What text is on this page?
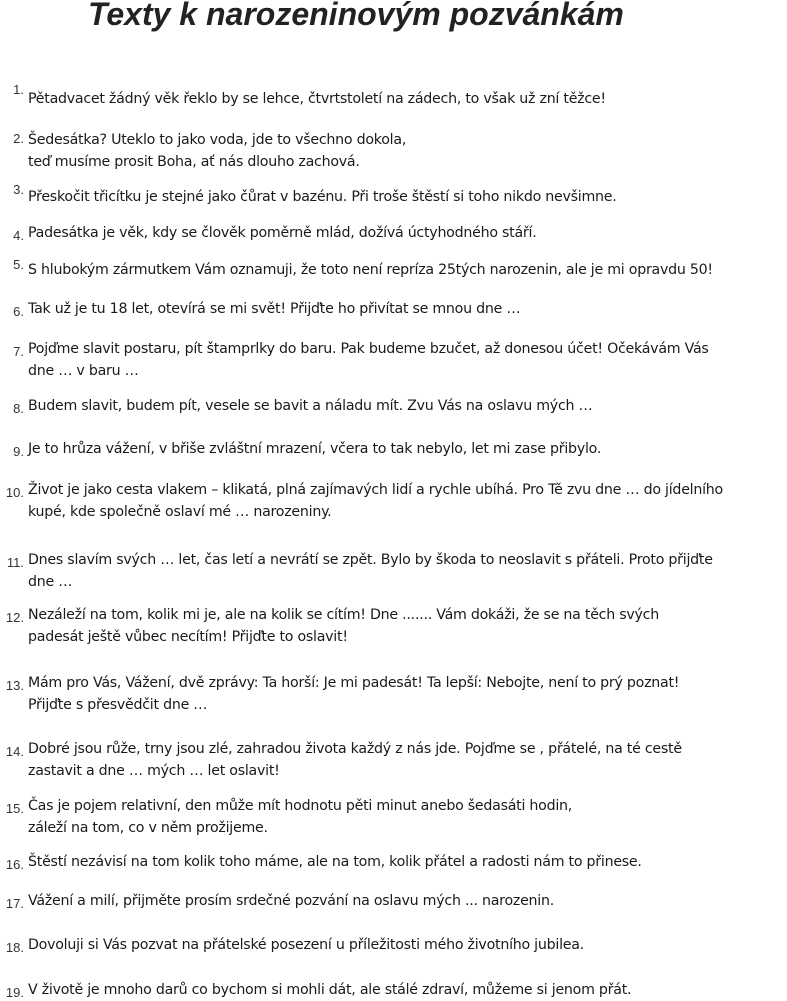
Texty k narozeninovým pozvánkám
1.
Pětadvacet žádný věk řeklo by se lehce, čtvrtstoletí na zádech, to však už zní těžce!
2. Šedesátka? Uteklo to jako voda, jde to všechno dokola,
teď musíme prosit Boha, ať nás dlouho zachová.
3. Přeskočit třicítku je stejné jako čůrat v bazénu. Při troše štěstí si toho nikdo nevšimne.
4. Padesátka je věk, kdy se člověk poměrně mlád, dožívá úctyhodného stáří.
5. S hlubokým zármutkem Vám oznamuji, že toto není repríza 25tých narozenin, ale je mi opravdu 50!
6. Tak už je tu 18 let, otevírá se mi svět! Přijďte ho přivítat se mnou dne …
7. Pojďme slavit postaru, pít štamprlky do baru. Pak budeme bzučet, až donesou účet! Očekávám Vás
dne … v baru …
8. Budem slavit, budem pít, vesele se bavit a náladu mít. Zvu Vás na oslavu mých …
9. Je to hrůza vážení, v břiše zvláštní mrazení, včera to tak nebylo, let mi zase přibylo.
10. Život je jako cesta vlakem – klikatá, plná zajímavých lidí a rychle ubíhá. Pro Tě zvu dne … do jídelního
kupé, kde společně oslaví mé … narozeniny.
11. Dnes slavím svých … let, čas letí a nevrátí se zpět. Bylo by škoda to neoslavit s přáteli. Proto přijďte
dne …
12. Nezáleží na tom, kolik mi je, ale na kolik se cítím! Dne ....... Vám dokáži, že se na těch svých
padesát ještě vůbec necítím! Přijďte to oslavit!
13. Mám pro Vás, Vážení, dvě zprávy: Ta horší: Je mi padesát! Ta lepší: Nebojte, není to prý poznat!
Přijďte s přesvědčit dne …
14. Dobré jsou růže, trny jsou zlé, zahradou života každý z nás jde. Pojďme se , přátelé, na té cestě
zastavit a dne … mých … let oslavit!
15. Čas je pojem relativní, den může mít hodnotu pěti minut anebo šedasáti hodin,
záleží na tom, co v něm prožijeme.
16. Štěstí nezávisí na tom kolik toho máme, ale na tom, kolik přátel a radosti nám to přinese.
17. Vážení a milí, přijměte prosím srdečné pozvání na oslavu mých ... narozenin.
18. Dovoluji si Vás pozvat na přátelské posezení u příležitosti mého životního jubilea.
19. V životě je mnoho darů co bychom si mohli dát, ale stálé zdraví, můžeme si jenom přát.
